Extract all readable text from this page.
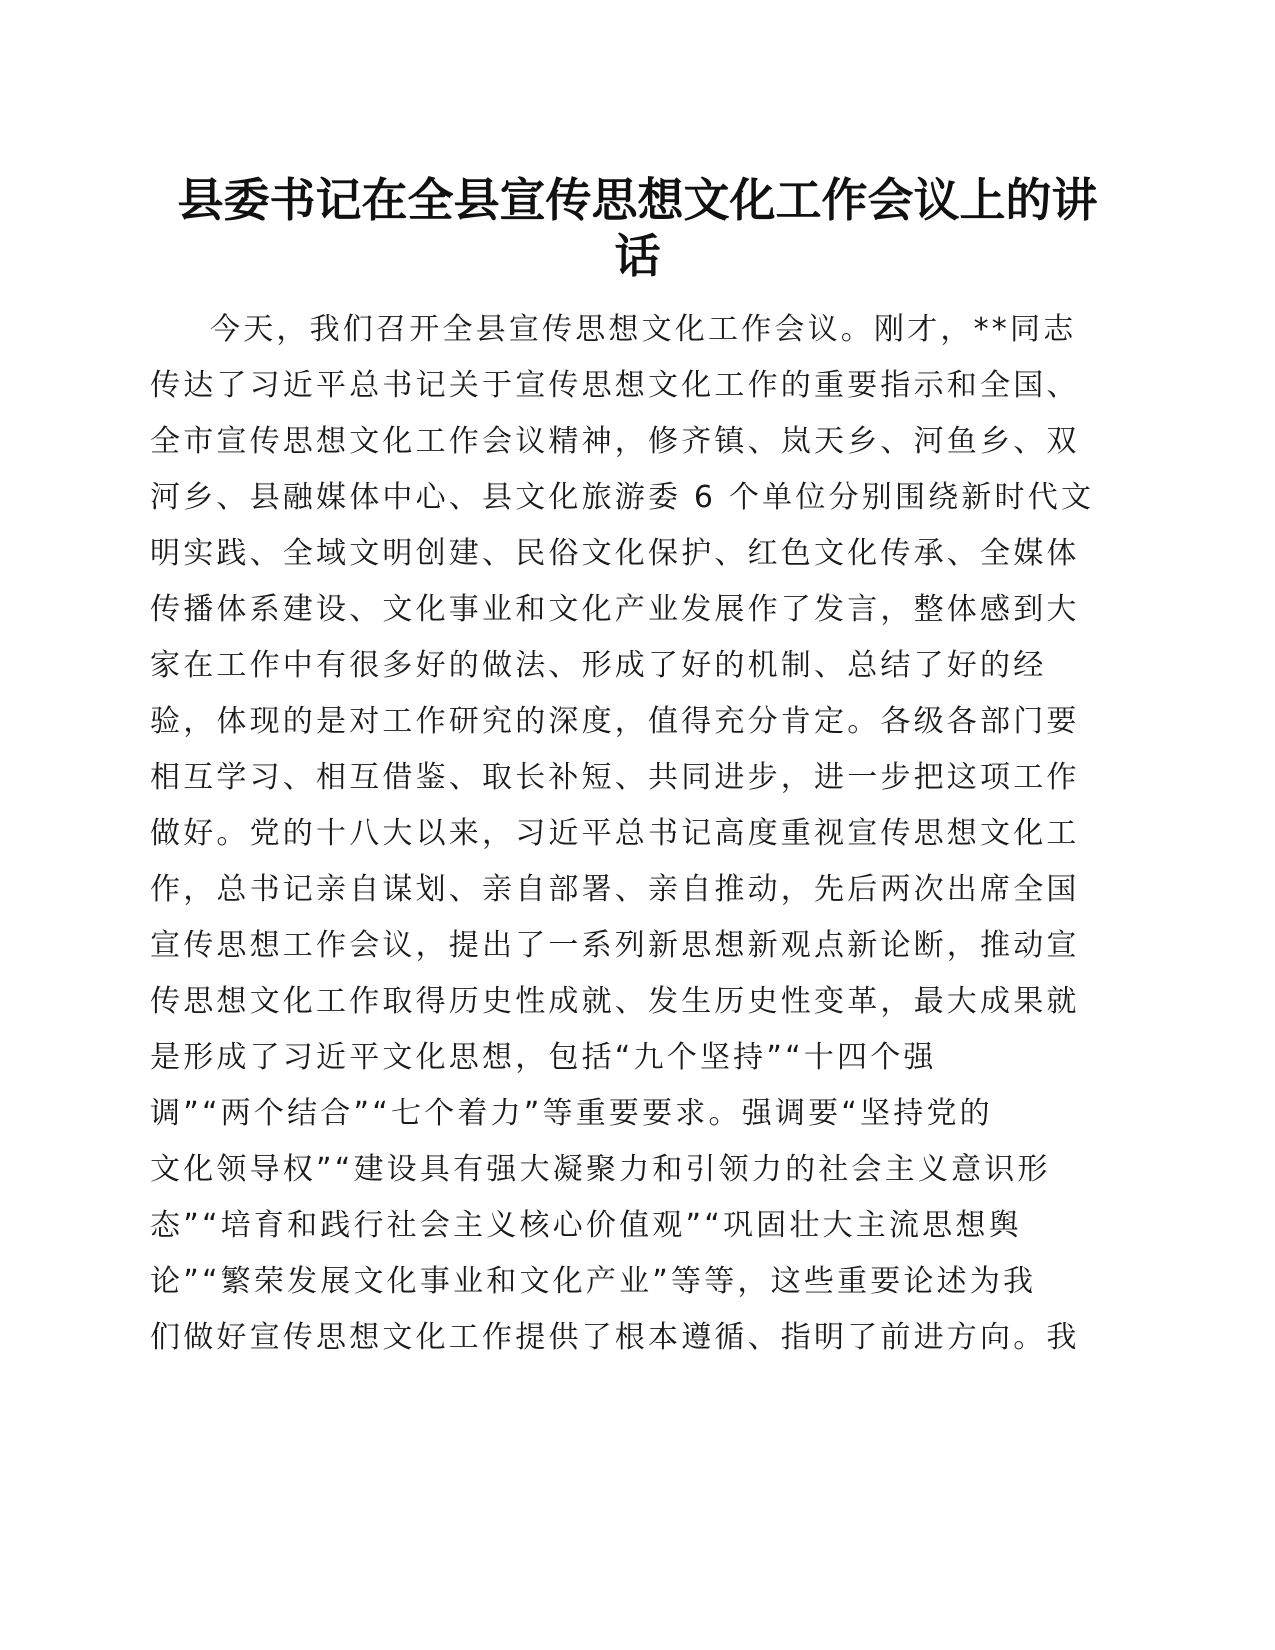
县委书记在全县宣传思想文化工作会议上的讲
话
今天，我们召开全县宣传思想文化工作会议。刚才，**同志
传达了习近平总书记关于宣传思想文化工作的重要指示和全国、
全市宣传思想文化工作会议精神，修齐镇、岚天乡、河鱼乡、双
河乡、县融媒体中心、县文化旅游委 6 个单位分别围绕新时代文
明实践、全域文明创建、民俗文化保护、红色文化传承、全媒体
传播体系建设、文化事业和文化产业发展作了发言，整体感到大
家在工作中有很多好的做法、形成了好的机制、总结了好的经
验，体现的是对工作研究的深度，值得充分肯定。各级各部门要
相互学习、相互借鉴、取长补短、共同进步，进一步把这项工作
做好。党的十八大以来，习近平总书记高度重视宣传思想文化工
作，总书记亲自谋划、亲自部署、亲自推动，先后两次出席全国
宣传思想工作会议，提出了一系列新思想新观点新论断，推动宣
传思想文化工作取得历史性成就、发生历史性变革，最大成果就
是形成了习近平文化思想，包括“九个坚持”“十四个强
调”“两个结合”“七个着力”等重要要求。强调要“坚持党的
文化领导权”“建设具有强大凝聚力和引领力的社会主义意识形
态”“培育和践行社会主义核心价值观”“巩固壮大主流思想舆
论”“繁荣发展文化事业和文化产业”等等，这些重要论述为我
们做好宣传思想文化工作提供了根本遵循、指明了前进方向。我
